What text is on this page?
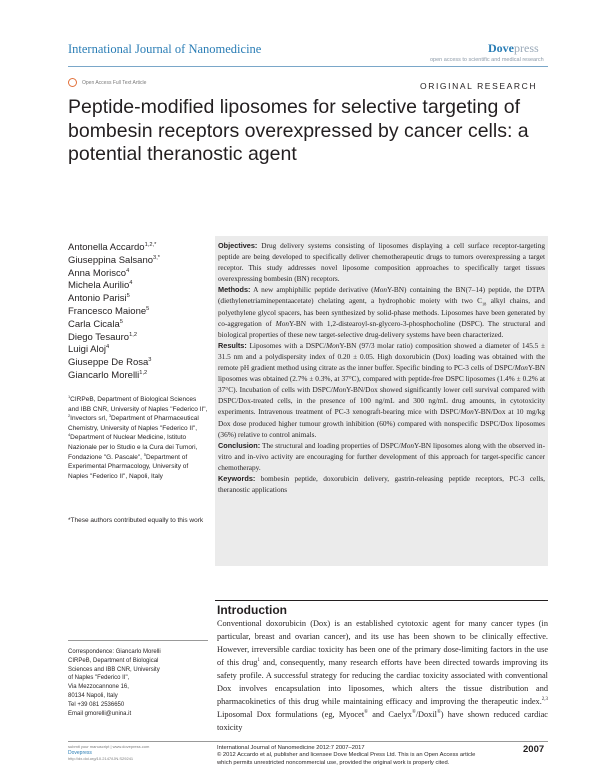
International Journal of Nanomedicine	Dovepress
open access to scientific and medical research
Open Access Full Text Article	ORIGINAL RESEARCH
Peptide-modified liposomes for selective targeting of bombesin receptors overexpressed by cancer cells: a potential theranostic agent
Antonella Accardo$^{1,2,*}$
Giuseppina Salsano$^{3,*}$
Anna Morisco$^4$
Michela Aurilio$^4$
Antonio Parisi$^5$
Francesco Maione$^5$
Carla Cicala$^5$
Diego Tesauro$^{1,2}$
Luigi Aloj$^4$
Giuseppe De Rosa$^3$
Giancarlo Morelli$^{1,2}$
$^1$CIRPeB, Department of Biological Sciences and IBB CNR, University of Naples "Federico II", $^2$Invectors srl, $^3$Department of Pharmaceutical Chemistry, University of Naples "Federico II", $^4$Department of Nuclear Medicine, Istituto Nazionale per lo Studio e la Cura dei Tumori, Fondazione "G. Pascale", $^5$Department of Experimental Pharmacology, University of Naples "Federico II", Napoli, Italy
*These authors contributed equally to this work
Correspondence: Giancarlo Morelli
CIRPeB, Department of Biological
Sciences and IBB CNR, University
of Naples "Federico II",
Via Mezzocannone 16,
80134 Napoli, Italy
Tel +39 081 2536650
Email gmorelli@unina.it

Objectives: Drug delivery systems consisting of liposomes displaying a cell surface receptor-targeting peptide are being developed to specifically deliver chemotherapeutic drugs to tumors overexpressing a target receptor. This study addresses novel liposome composition approaches to specifically target tissues overexpressing bombesin (BN) receptors.

Methods: A new amphiphilic peptide derivative (MonY-BN) containing the BN(7–14) peptide, the DTPA (diethylenetriaminepentaacetate) chelating agent, a hydrophobic moiety with two $C_{18}$ alkyl chains, and polyethylene glycol spacers, has been synthesized by solid-phase methods. Liposomes have been generated by co-aggregation of MonY-BN with 1,2-distearoyl-sn-glycero-3-phosphocholine (DSPC). The structural and biological properties of these new target-selective drug-delivery systems have been characterized.

Results: Liposomes with a DSPC/MonY-BN (97/3 molar ratio) composition showed a diameter of 145.5 ± 31.5 nm and a polydispersity index of 0.20 ± 0.05. High doxorubicin (Dox) loading was obtained with the remote pH gradient method using citrate as the inner buffer. Specific binding to PC-3 cells of DSPC/MonY-BN liposomes was obtained (2.7% ± 0.3%, at 37°C), compared with peptide-free DSPC liposomes (1.4% ± 0.2% at 37°C). Incubation of cells with DSPC/MonY-BN/Dox showed significantly lower cell survival compared with DSPC/Dox-treated cells, in the presence of 100 ng/mL and 300 ng/mL drug amounts, in cytotoxicity experiments. Intravenous treatment of PC-3 xenograft-bearing mice with DSPC/MonY-BN/Dox at 10 mg/kg Dox dose produced higher tumour growth inhibition (60%) compared with nonspecific DSPC/Dox liposomes (36%) relative to control animals.

Conclusion: The structural and loading properties of DSPC/MonY-BN liposomes along with the observed in-vitro and in-vivo activity are encouraging for further development of this approach for target-specific cancer chemotherapy.

Keywords: bombesin peptide, doxorubicin delivery, gastrin-releasing peptide receptors, PC-3 cells, theranostic applications

Introduction

Conventional doxorubicin (Dox) is an established cytotoxic agent for many cancer types (in particular, breast and ovarian cancer), and its use has been shown to be clinically effective. However, irreversible cardiac toxicity has been one of the primary dose-limiting factors in the use of this drug$^1$ and, consequently, many research efforts have been directed towards improving its safety profile. A successful strategy for reducing the cardiac toxicity associated with conventional Dox involves encapsulation into liposomes, which alters the tissue distribution and pharmacokinetics of this drug while maintaining efficacy and improving the therapeutic index.$^{2,3}$ Liposomal Dox formulations (eg, Myocet® and Caelyx®/Doxil®) have shown reduced cardiac toxicity

submit your manuscript | www.dovepress.com
Dovepress
http://dx.doi.org/10.2147/IJN.S29241
International Journal of Nanomedicine 2012:7 2007–2017
© 2012 Accardo et al, publisher and licensee Dove Medical Press Ltd. This is an Open Access article
which permits unrestricted noncommercial use, provided the original work is properly cited.
2007
